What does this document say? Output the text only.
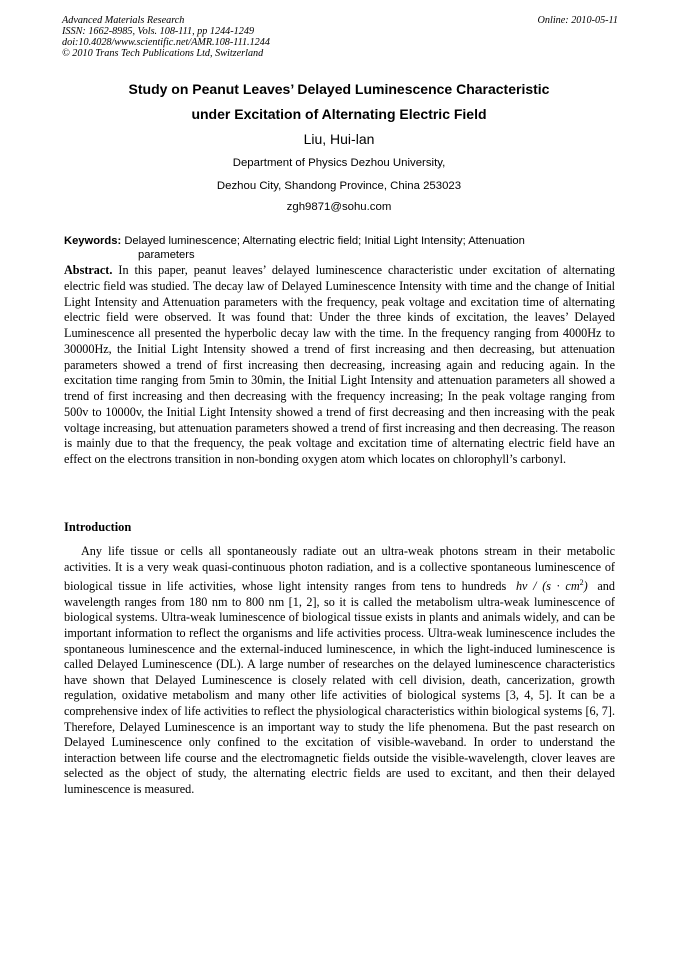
Advanced Materials Research
ISSN: 1662-8985, Vols. 108-111, pp 1244-1249
doi:10.4028/www.scientific.net/AMR.108-111.1244
© 2010 Trans Tech Publications Ltd, Switzerland
Online: 2010-05-11
Study on Peanut Leaves’ Delayed Luminescence Characteristic
under Excitation of Alternating Electric Field
Liu, Hui-lan
Department of Physics Dezhou University,
Dezhou City, Shandong Province, China 253023
zgh9871@sohu.com
Keywords: Delayed luminescence; Alternating electric field; Initial Light Intensity; Attenuation
parameters
Abstract. In this paper, peanut leaves’ delayed luminescence characteristic under excitation of alternating electric field was studied. The decay law of Delayed Luminescence Intensity with time and the change of Initial Light Intensity and Attenuation parameters with the frequency, peak voltage and excitation time of alternating electric field were observed. It was found that: Under the three kinds of excitation, the leaves’ Delayed Luminescence all presented the hyperbolic decay law with the time. In the frequency ranging from 4000Hz to 30000Hz, the Initial Light Intensity showed a trend of first increasing and then decreasing, but attenuation parameters showed a trend of first increasing then decreasing, increasing again and reducing again. In the excitation time ranging from 5min to 30min, the Initial Light Intensity and attenuation parameters all showed a trend of first increasing and then decreasing with the frequency increasing; In the peak voltage ranging from 500v to 10000v, the Initial Light Intensity showed a trend of first decreasing and then increasing with the peak voltage increasing, but attenuation parameters showed a trend of first increasing and then decreasing. The reason is mainly due to that the frequency, the peak voltage and excitation time of alternating electric field have an effect on the electrons transition in non-bonding oxygen atom which locates on chlorophyll’s carbonyl.
Introduction
Any life tissue or cells all spontaneously radiate out an ultra-weak photons stream in their metabolic activities. It is a very weak quasi-continuous photon radiation, and is a collective spontaneous luminescence of biological tissue in life activities, whose light intensity ranges from tens to hundreds $h\nu / (s \cdot cm^2)$ and wavelength ranges from 180 nm to 800 nm [1, 2], so it is called the metabolism ultra-weak luminescence of biological systems. Ultra-weak luminescence of biological tissue exists in plants and animals widely, and can be important information to reflect the organisms and life activities process. Ultra-weak luminescence includes the spontaneous luminescence and the external-induced luminescence, in which the light-induced luminescence is called Delayed Luminescence (DL). A large number of researches on the delayed luminescence characteristics have shown that Delayed Luminescence is closely related with cell division, death, cancerization, growth regulation, oxidative metabolism and many other life activities of biological systems [3, 4, 5]. It can be a comprehensive index of life activities to reflect the physiological characteristics within biological systems [6, 7]. Therefore, Delayed Luminescence is an important way to study the life phenomena. But the past research on Delayed Luminescence only confined to the excitation of visible-waveband. In order to understand the interaction between life course and the electromagnetic fields outside the visible-wavelength, clover leaves are selected as the object of study, the alternating electric fields are used to excitant, and then their delayed luminescence is measured.
